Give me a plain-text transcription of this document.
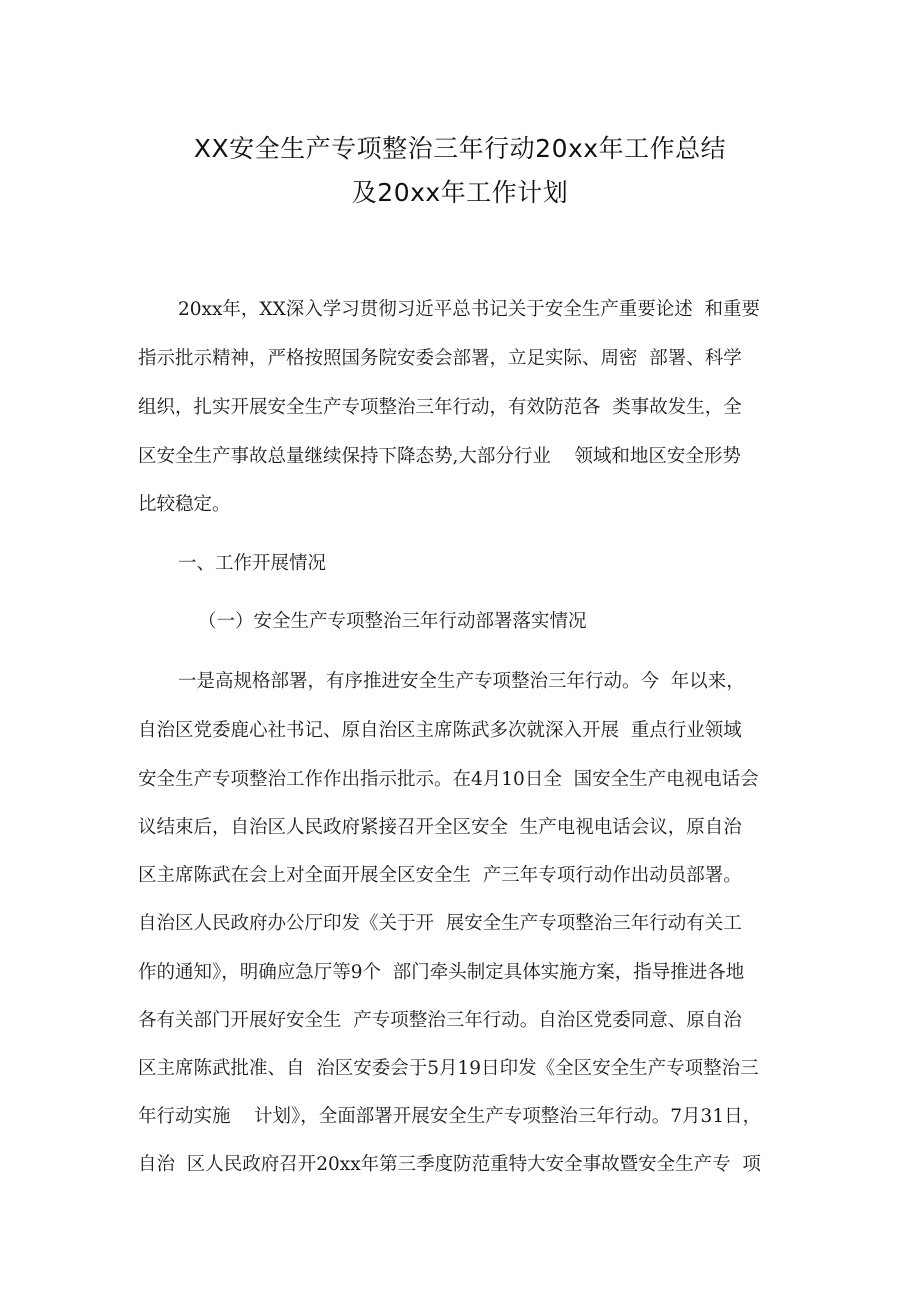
XX安全生产专项整治三年行动20xx年工作总结
及20xx年工作计划
20xx年，XX深入学习贯彻习近平总书记关于安全生产重要论述  和重要
指示批示精神，严格按照国务院安委会部署，立足实际、周密  部署、科学
组织，扎实开展安全生产专项整治三年行动，有效防范各  类事故发生，全
区安全生产事故总量继续保持下降态势,大部分行业    领域和地区安全形势
比较稳定。
一、工作开展情况
（一）安全生产专项整治三年行动部署落实情况
一是高规格部署，有序推进安全生产专项整治三年行动。今  年以来，
自治区党委鹿心社书记、原自治区主席陈武多次就深入开展  重点行业领域
安全生产专项整治工作作出指示批示。在4月10日全  国安全生产电视电话会
议结束后，自治区人民政府紧接召开全区安全  生产电视电话会议，原自治
区主席陈武在会上对全面开展全区安全生  产三年专项行动作出动员部署。
自治区人民政府办公厅印发《关于开  展安全生产专项整治三年行动有关工
作的通知》，明确应急厅等9个  部门牵头制定具体实施方案，指导推进各地
各有关部门开展好安全生  产专项整治三年行动。自治区党委同意、原自治
区主席陈武批准、自  治区安委会于5月19日印发《全区安全生产专项整治三
年行动实施    计划》，全面部署开展安全生产专项整治三年行动。7月31日，
自治  区人民政府召开20xx年第三季度防范重特大安全事故暨安全生产专  项
